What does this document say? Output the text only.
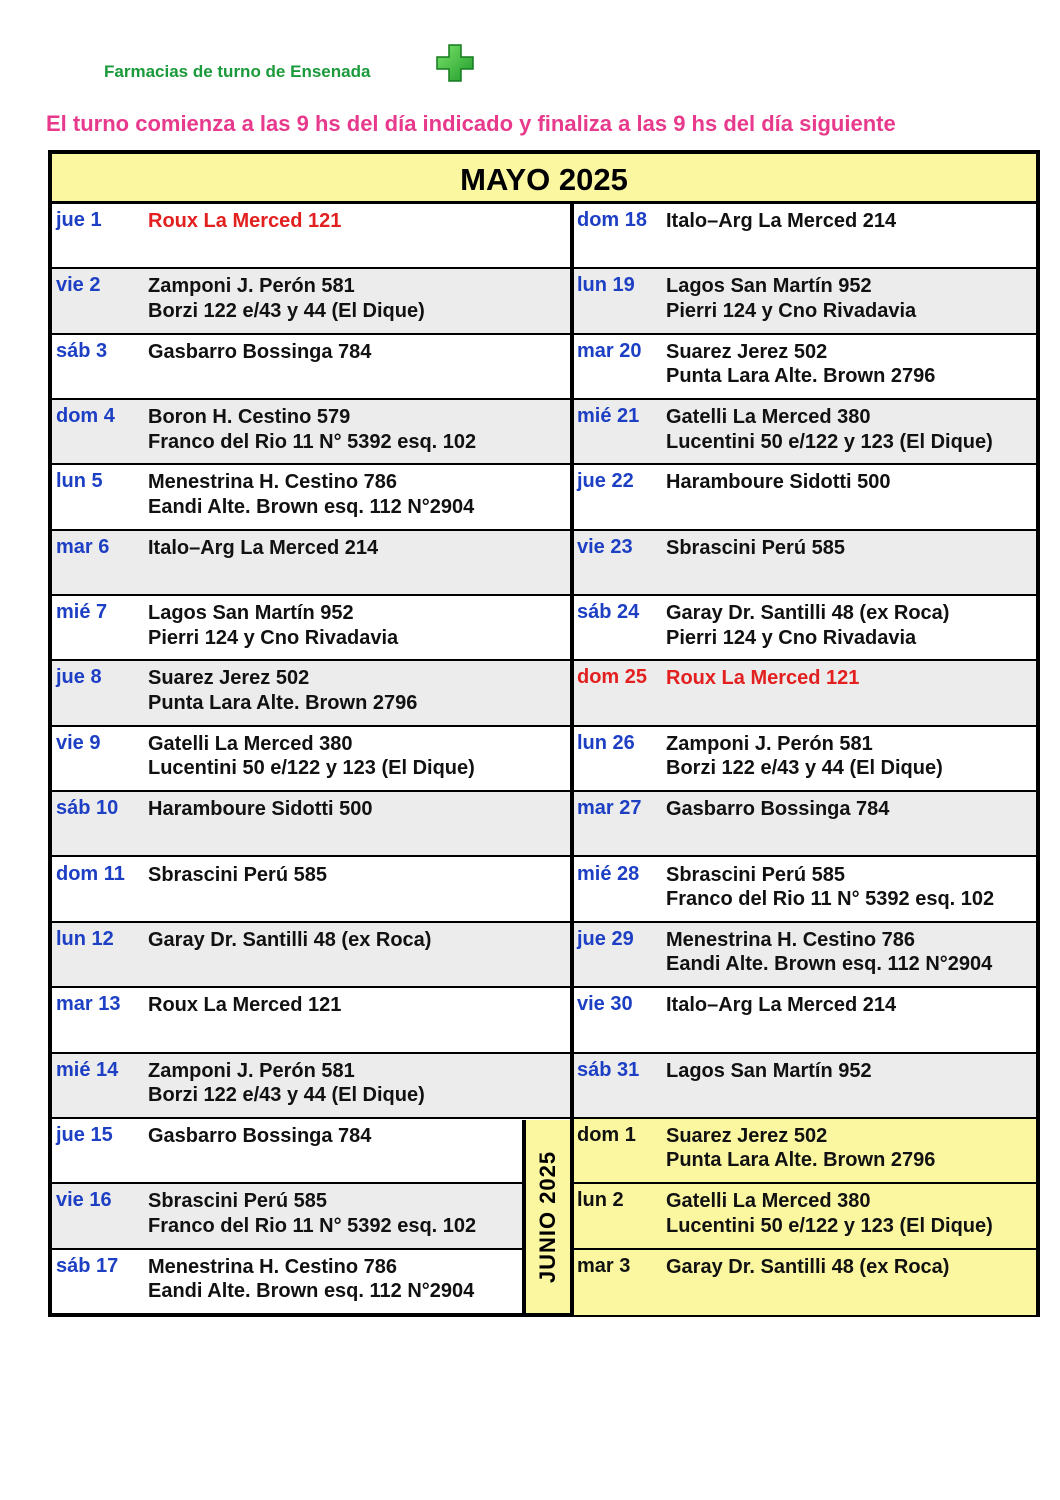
Farmacias de turno de Ensenada
El turno comienza a las 9 hs del día indicado y finaliza a las 9 hs del día siguiente
MAYO 2025
jue 1 Roux La Merced 121
vie 2 Zamponi J. Perón 581
Borzi 122 e/43 y 44 (El Dique)
sáb 3 Gasbarro Bossinga 784
dom 4 Boron H. Cestino 579
Franco del Rio 11 N° 5392 esq. 102
lun 5 Menestrina H. Cestino 786
Eandi Alte. Brown esq. 112 N°2904
mar 6 Italo–Arg La Merced 214
mié 7 Lagos San Martín 952
Pierri 124 y Cno Rivadavia
jue 8 Suarez Jerez 502
Punta Lara Alte. Brown 2796
vie 9 Gatelli La Merced 380
Lucentini 50 e/122 y 123 (El Dique)
sáb 10 Haramboure Sidotti 500
dom 11 Sbrascini Perú 585
lun 12 Garay Dr. Santilli 48 (ex Roca)
mar 13 Roux La Merced 121
mié 14 Zamponi J. Perón 581
Borzi 122 e/43 y 44 (El Dique)
jue 15 Gasbarro Bossinga 784
vie 16 Sbrascini Perú 585
Franco del Rio 11 N° 5392 esq. 102
sáb 17 Menestrina H. Cestino 786
Eandi Alte. Brown esq. 112 N°2904
dom 18 Italo–Arg La Merced 214
lun 19 Lagos San Martín 952
Pierri 124 y Cno Rivadavia
mar 20 Suarez Jerez 502
Punta Lara Alte. Brown 2796
mié 21 Gatelli La Merced 380
Lucentini 50 e/122 y 123 (El Dique)
jue 22 Haramboure Sidotti 500
vie 23 Sbrascini Perú 585
sáb 24 Garay Dr. Santilli 48 (ex Roca)
Pierri 124 y Cno Rivadavia
dom 25 Roux La Merced 121
lun 26 Zamponi J. Perón 581
Borzi 122 e/43 y 44 (El Dique)
mar 27 Gasbarro Bossinga 784
mié 28 Sbrascini Perú 585
Franco del Rio 11 N° 5392 esq. 102
jue 29 Menestrina H. Cestino 786
Eandi Alte. Brown esq. 112 N°2904
vie 30 Italo–Arg La Merced 214
sáb 31 Lagos San Martín 952
dom 1 Suarez Jerez 502
Punta Lara Alte. Brown 2796
lun 2 Gatelli La Merced 380
Lucentini 50 e/122 y 123 (El Dique)
mar 3 Garay Dr. Santilli 48 (ex Roca)
JUNIO 2025
